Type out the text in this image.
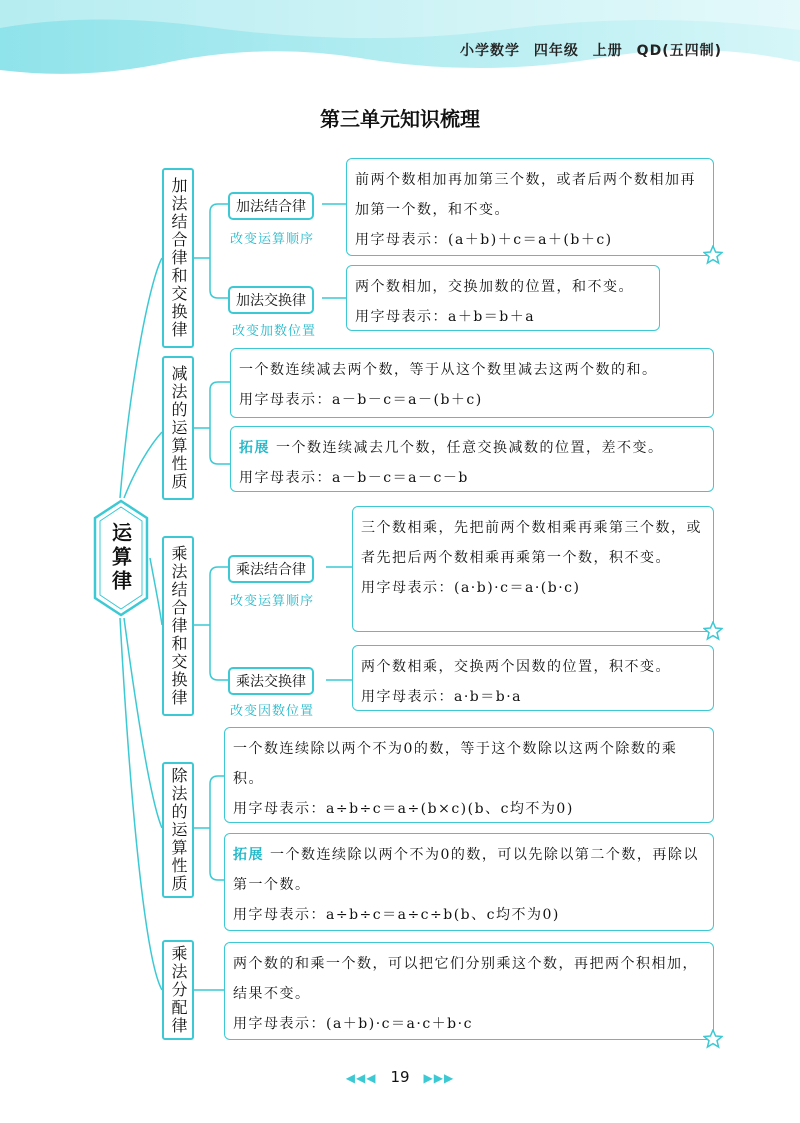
小学数学 四年级 上册 QD(五四制)
第三单元知识梳理
运算律
加法结合律和交换律
减法的运算性质
乘法结合律和交换律
除法的运算性质
乘法分配律
加法结合律
改变运算顺序
加法交换律
改变加数位置
乘法结合律
改变运算顺序
乘法交换律
改变因数位置

前两个数相加再加第三个数，或者后两个数相加再加第一个数，和不变。

用字母表示：(a＋b)＋c＝a＋(b＋c)

两个数相加，交换加数的位置，和不变。

用字母表示：a＋b＝b＋a

一个数连续减去两个数，等于从这个数里减去这两个数的和。

用字母表示：a－b－c＝a－(b＋c)

拓展 一个数连续减去几个数，任意交换减数的位置，差不变。

用字母表示：a－b－c＝a－c－b

三个数相乘，先把前两个数相乘再乘第三个数，或者先把后两个数相乘再乘第一个数，积不变。

用字母表示：(a·b)·c＝a·(b·c)

两个数相乘，交换两个因数的位置，积不变。

用字母表示：a·b＝b·a

一个数连续除以两个不为0的数，等于这个数除以这两个除数的乘积。

用字母表示：a÷b÷c＝a÷(b×c)(b、c均不为0)

拓展 一个数连续除以两个不为0的数，可以先除以第二个数，再除以第一个数。

用字母表示：a÷b÷c＝a÷c÷b(b、c均不为0)

两个数的和乘一个数，可以把它们分别乘这个数，再把两个积相加，结果不变。

用字母表示：(a＋b)·c＝a·c＋b·c

◀◀◀ 19 ▶▶▶
